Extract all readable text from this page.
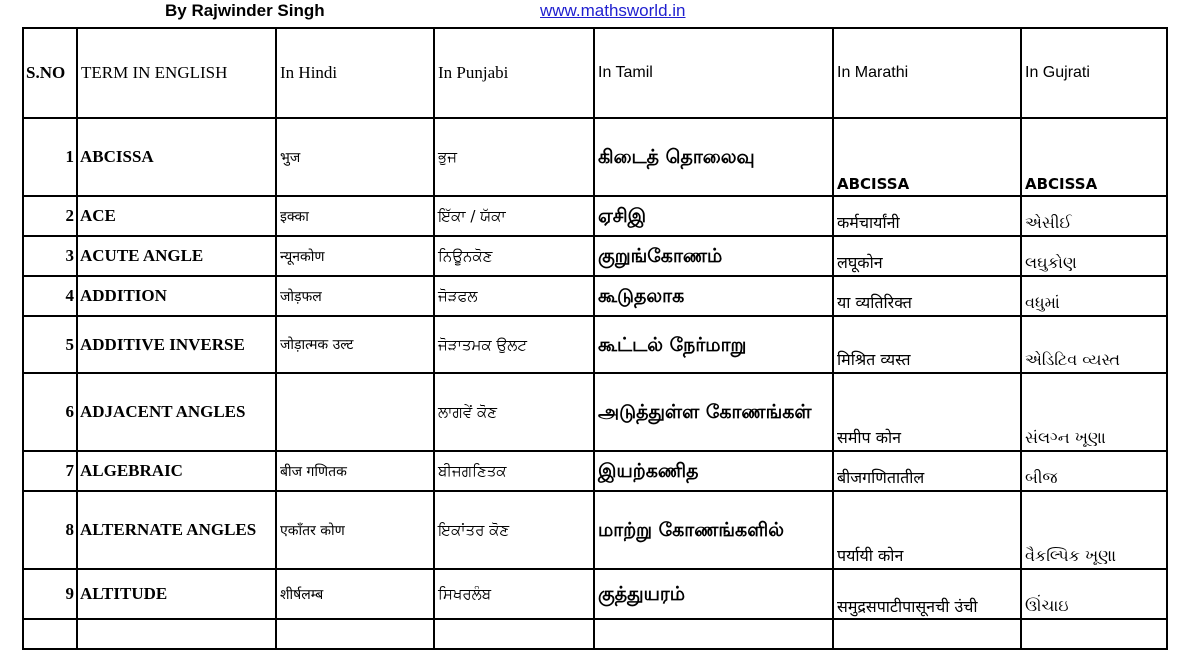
By Rajwinder Singh	www.mathsworld.in
S.NO	TERM IN ENGLISH	In Hindi	In Punjabi	In Tamil	In Marathi	In Gujrati
1	ABCISSA	भुज	ਭੁਜ	கிடைத் தொலைவு	ABCISSA	ABCISSA
2	ACE	इक्का	ਇੱਕਾ / ਯੱਕਾ	ஏசிஇ	कर्मचार्यांनी	એસીઈ
3	ACUTE ANGLE	न्यूनकोण	ਨਿਊਨਕੋਣ	குறுங்கோணம்	लघूकोन	લઘુકોણ
4	ADDITION	जोड़फल	ਜੋੜਫਲ	கூடுதலாக	या व्यतिरिक्त	વધુમાં
5	ADDITIVE INVERSE	जोड़ात्मक उल्ट	ਜੋੜਾਤਮਕ ਉਲਟ	கூட்டல் நேர்மாறு	मिश्रित व्यस्त	એડિટિવ વ્યસ્ત
6	ADJACENT ANGLES		ਲਾਗਵੇਂ ਕੋਣ	அடுத்துள்ள கோணங்கள்	समीप कोन	સંલગ્ન ખૂણા
7	ALGEBRAIC	बीज गणितक	ਬੀਜਗਣਿਤਕ	இயற்கணித	बीजगणितातील	બીજ
8	ALTERNATE ANGLES	एकाँतर कोण	ਇਕਾਂਤਰ ਕੋਣ	மாற்று கோணங்களில்	पर्यायी कोन	વૈકલ્પિક ખૂણા
9	ALTITUDE	शीर्षलम्ब	ਸਿਖਰਲੰਬ	குத்துயரம்	समुद्रसपाटीपासूनची उंची	ઊંચાઇ
